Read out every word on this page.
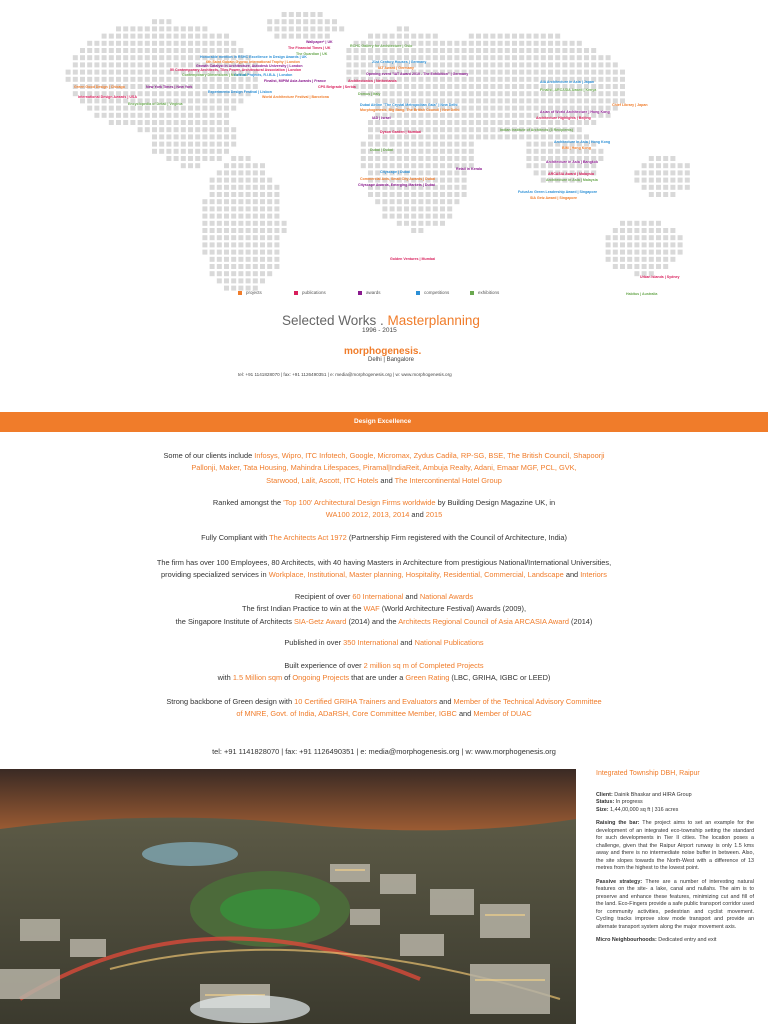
Wallpaper* | UK
The Financial Times | UK
The Guardian | UK
Honorable mention in RSHC Excellence in Design Awards | UK
6th Saint Gobain Gyproc International Trophy | London
Growth Catalyst in Architecture, Autodesk University | London
50 Contemporary Architects, Tiles Power, Architectural Association | London
Contemporary Dimensions | New York
Critical Projects, R.I.B.A. | London
Green Good Design | Chicago	New York Times | New York
International Design Awards | USA
Encyclopedia of Detail | Virginia
Experimento Design Festival | Lisbon
World Architecture Festival | Barcelona
Finalist, MIPIM Asia Awards | France
CPS Belgrade | Serbia
RCHC Gallery for Architecture | Oslo
21st Century Houses | Germany
IAT Award | Germany
Opening event "IAT Award 2010 - The Exhibition" | Germany
Architectonics | Netherlands
Domus | Italy
Dubai Airline "The Crystal Metropolitan Gaia" | New Delhi
Morphogenesis, Big Bang, The British Council | New Delhi
IAD | Israel
Dyson Garden | Mumbai
Dubai | Dubai
Cityscape | Dubai
Commercial Axis, Small City Awards | Dubai
Cityscape Awards, Emerging Markets | Dubai
Golden Ventures | Mumbai
Finalist, ARCASIA Award | Kenya
AIA Architecture in Asia | Japan
Chief Library | Japan
Asian of World Architecture | Hong Kong
Architecture Highlights | Beijing
Indian Institute of Architects (3 Recipients)
Architecture in Asia | Hong Kong
BIM | Hong Kong
Architecture in Asia | Bangkok
ARCASIA Award | Malaysia
Architecture in Asia | Malaysia
FuturArc Green Leadership Award | Singapore
SIA Getz Award | Singapore
Retail in Kerala
Urban Islands | Sydney
Habitus | Australia
projects	publications	awards	competitions	exhibitions
Selected Works . Masterplanning
1996 - 2015
morphogenesis.
Delhi | Bangalore
tel: +91 1141828070 | fax: +91 1126490351 | e: media@morphogenesis.org | w: www.morphogenesis.org
Design Excellence
Some of our clients include Infosys, Wipro, ITC Infotech, Google, Micromax, Zydus Cadila, RP-SG, BSE, The British Council, Shapoorji
Pallonji, Maker, Tata Housing, Mahindra Lifespaces, Piramal|IndiaReit, Ambuja Realty, Adani, Emaar MGF, PCL, GVK,
Starwood, Lalit, Ascott, ITC Hotels and The Intercontinental Hotel Group
Ranked amongst the 'Top 100' Architectural Design Firms worldwide by Building Design Magazine UK, in
WA100 2012, 2013, 2014 and 2015
Fully Compliant with The Architects Act 1972 (Partnership Firm registered with the Council of Architecture, India)
The firm has over 100 Employees, 80 Architects, with 40 having Masters in Architecture from prestigious National/International Universities,
providing specialized services in Workplace, Institutional, Master planning, Hospitality, Residential, Commercial, Landscape and Interiors
Recipient of over 60 International and National Awards
The first Indian Practice to win at the WAF (World Architecture Festival) Awards (2009),
the Singapore Institute of Architects SIA-Getz Award (2014) and the Architects Regional Council of Asia ARCASIA Award (2014)
Published in over 350 International and National Publications
Built experience of over 2 million sq m of Completed Projects
with 1.5 Million sqm of Ongoing Projects that are under a Green Rating (LBC, GRIHA, IGBC or LEED)
Strong backbone of Green design with 10 Certified GRIHA Trainers and Evaluators and Member of the Technical Advisory Committee
of MNRE, Govt. of India, ADaRSH, Core Committee Member, IGBC and Member of DUAC
tel: +91 1141828070 | fax: +91 1126490351 | e: media@morphogenesis.org | w: www.morphogenesis.org
Integrated Township DBH, Raipur

Client: Dainik Bhaskar and HIRA Group
Status: In progress
Size: 1,44,00,000 sq ft | 316 acres

Raising the bar: The project aims to set an example for the development of an integrated eco-township setting the standard for such developments in Tier II cities. The location poses a challenge, given that the Raipur Airport runway is only 1.5 kms away and there is no intermediate noise buffer in between. Also, the site slopes towards the North-West with a difference of 13 metres from the highest to the lowest point.

Passive strategy: There are a number of interesting natural features on the site- a lake, canal and nullahs. The aim is to preserve and enhance these features, minimizing cut and fill of the land. Eco-Fingers provide a safe public transport corridor used for community activities, pedestrian and cyclist movement. Cycling tracks improve slow mode transport and provide an alternate transport system along the major movement axis.

Micro Neighbourhoods: Dedicated entry and exit
